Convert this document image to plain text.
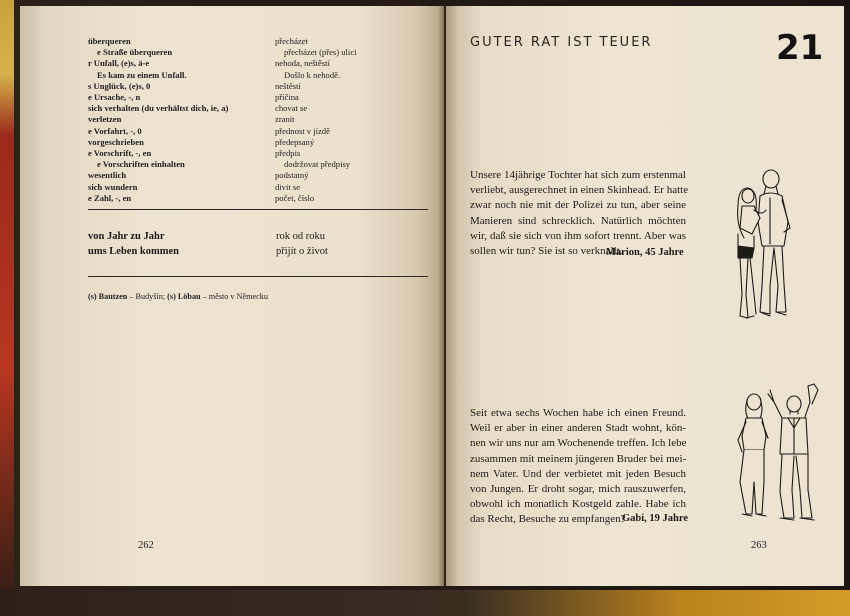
überqueren
e Straße überqueren
r Unfall, (e)s, ä-e
Es kam zu einem Unfall.
s Unglück, (e)s, 0
e Ursache, -, n
sich verhalten (du verhältst dich, ie, a)
verletzen
e Vorfahrt, -, 0
vorgeschrieben
e Vorschrift, -, en
e Vorschriften einhalten
wesentlich
sich wundern
e Zahl, -, en
přecházet
přecházet (přes) ulici
nehoda, neštěstí
Došlo k nehodě.
neštěstí
příčina
chovat se
zranit
přednost v jízdě
předepsaný
předpis
dodržovat předpisy
podstatný
divit se
počet, číslo
von Jahr zu Jahr
ums Leben kommen
rok od roku
přijít o život
(s) Bautzen – Budyšín; (s) Löbau – město v Německu
262
GUTER RAT IST TEUER	21
Unsere 14jährige Tochter hat sich zum erstenmal
verliebt, ausgerechnet in einen Skinhead. Er hatte
zwar noch nie mit der Polizei zu tun, aber seine
Manieren sind schrecklich. Natürlich möchten
wir, daß sie sich von ihm sofort trennt. Aber was
sollen wir tun? Sie ist so verknallt.
Marion, 45 Jahre
Seit etwa sechs Wochen habe ich einen Freund.
Weil er aber in einer anderen Stadt wohnt, kön-
nen wir uns nur am Wochenende treffen. Ich lebe
zusammen mit meinem jüngeren Bruder bei mei-
nem Vater. Und der verbietet mit jeden Besuch
von Jungen. Er droht sogar, mich rauszuwerfen,
obwohl ich monatlich Kostgeld zahle. Habe ich
das Recht, Besuche zu empfangen?
Gabi, 19 Jahre
263
